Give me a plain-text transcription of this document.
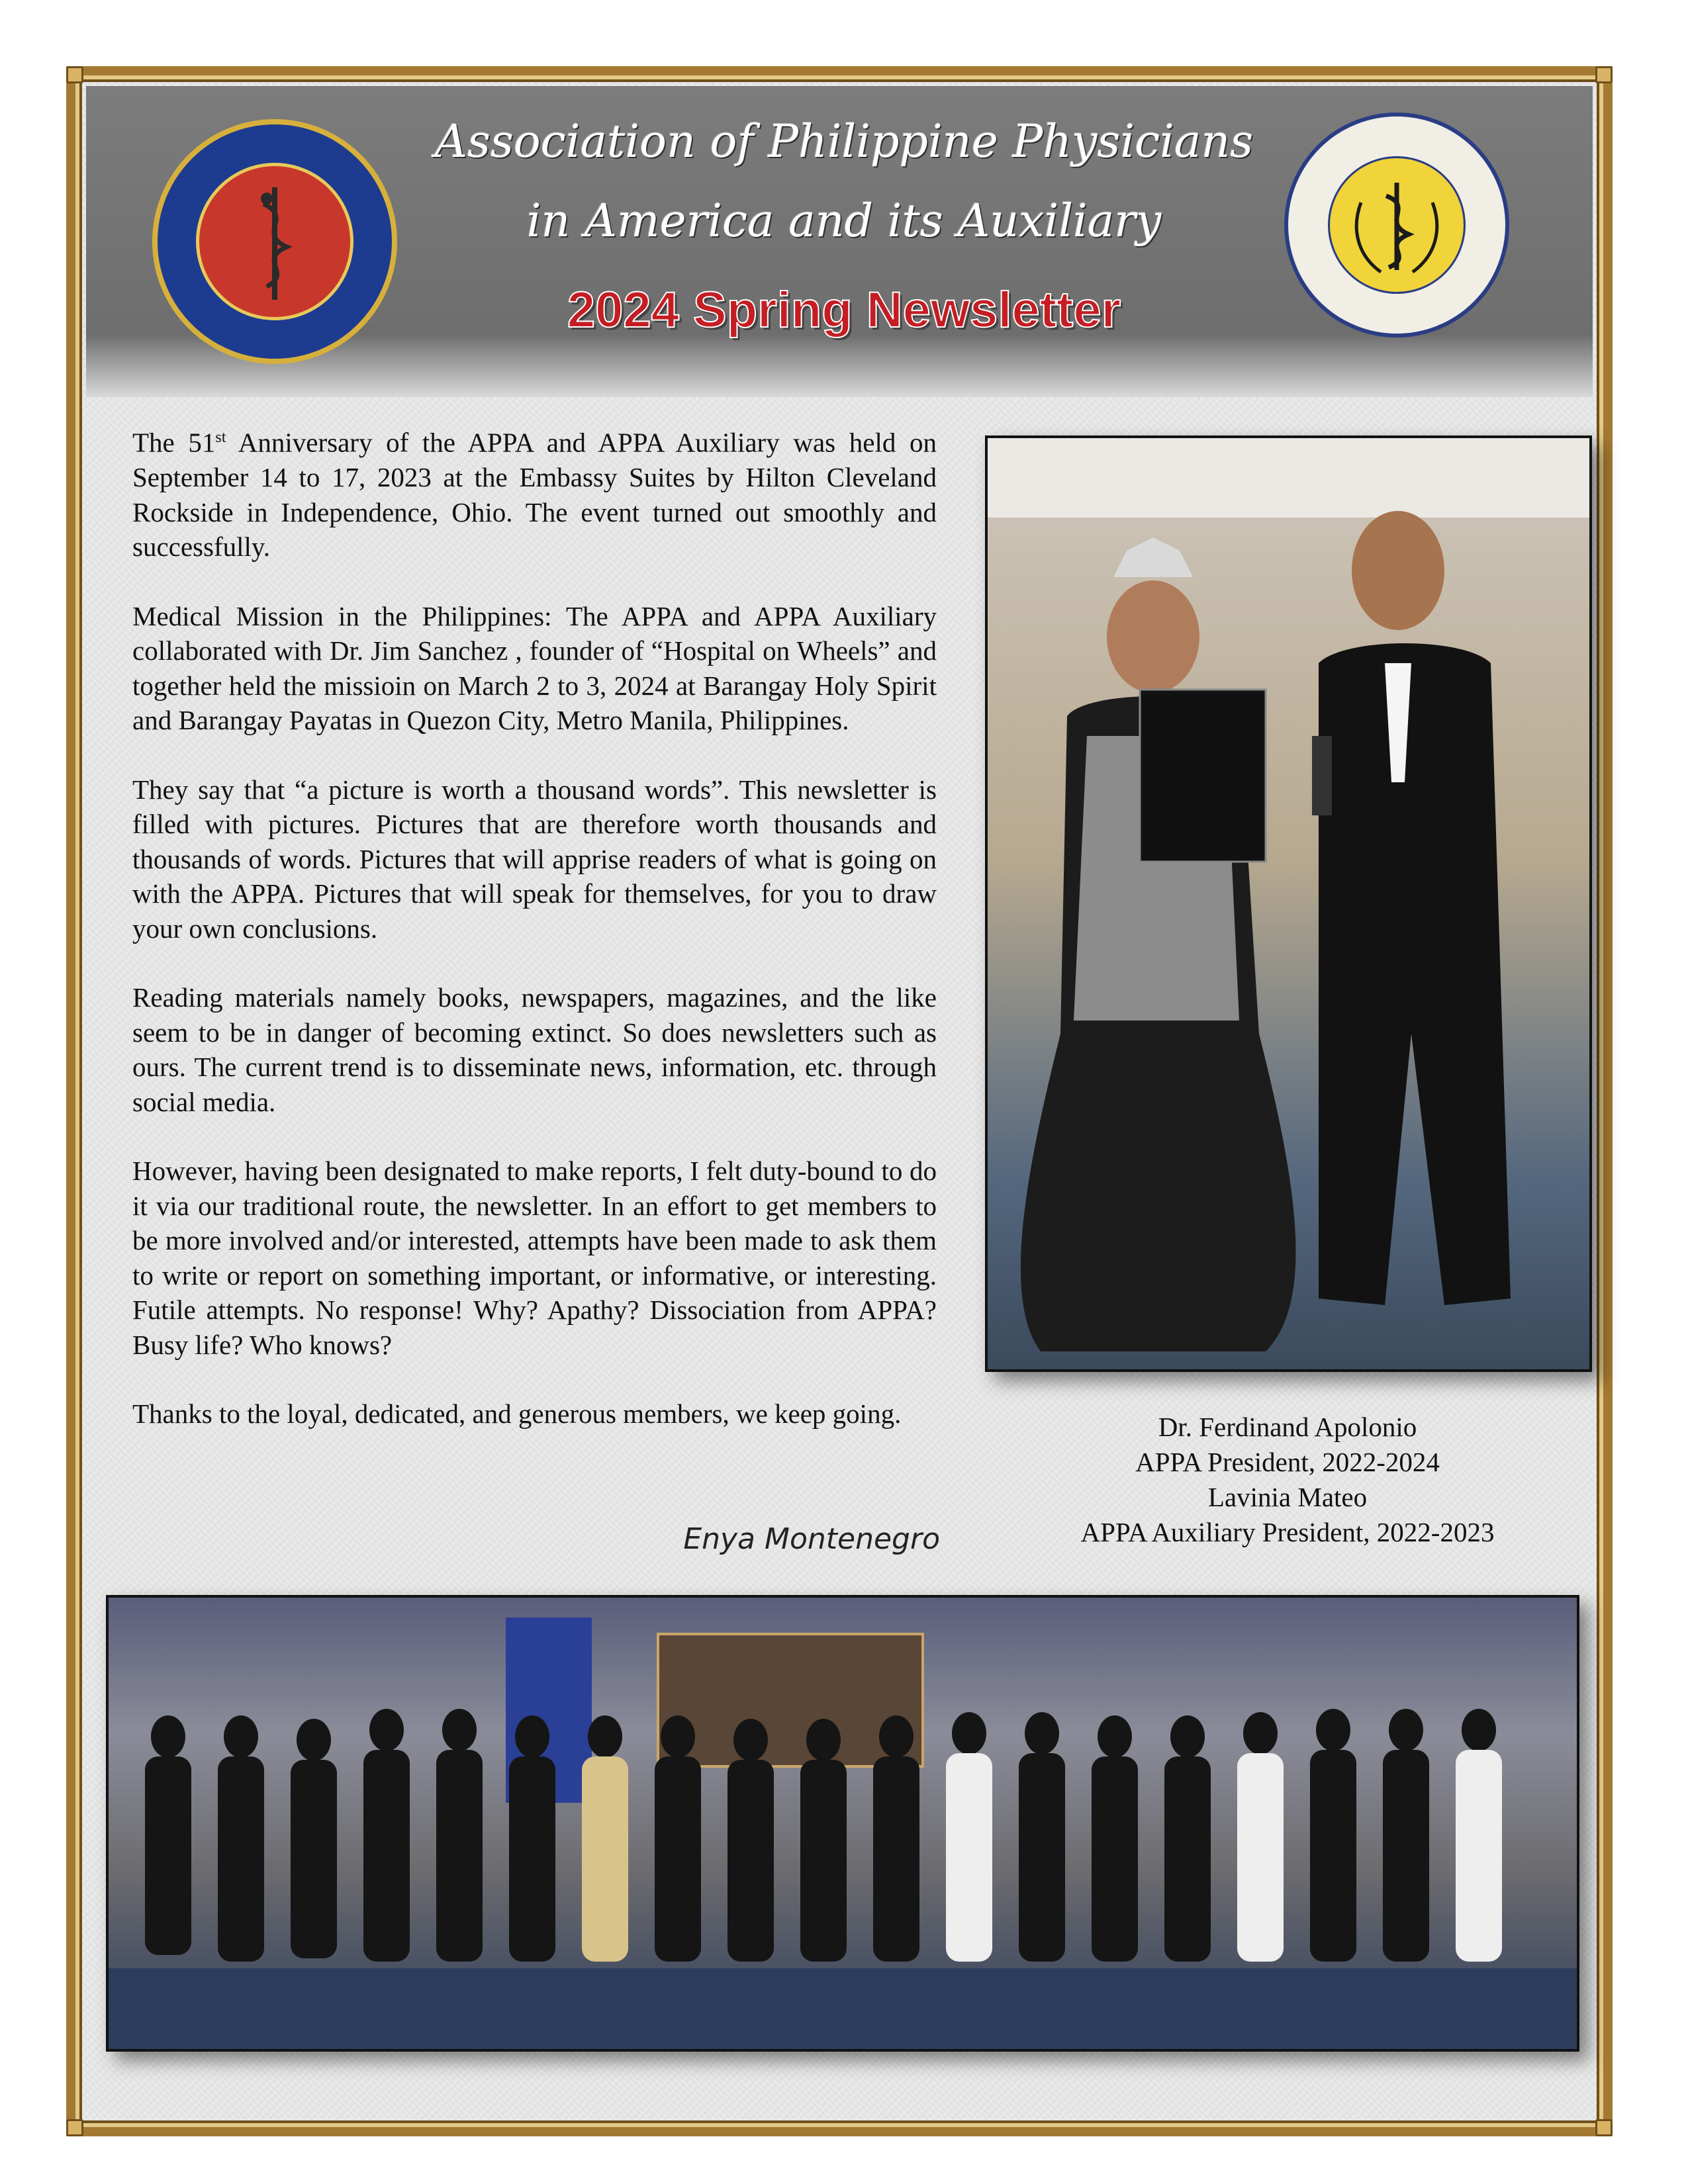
Association of Philippine Physicians
in America and its Auxiliary
2024 Spring Newsletter

The 51st Anniversary of the APPA and APPA Auxiliary was held on September 14 to 17, 2023 at the Embassy Suites by Hilton Cleveland Rockside in Independence, Ohio. The event turned out smoothly and successfully.

Medical Mission in the Philippines: The APPA and APPA Auxiliary collaborated with Dr. Jim Sanchez , founder of “Hospital on Wheels” and together held the missioin on March 2 to 3, 2024 at Barangay Holy Spirit and Barangay Payatas in Quezon City, Metro Manila, Philippines.

They say that “a picture is worth a thousand words”. This newsletter is filled with pictures. Pictures that are therefore worth thousands and thousands of words. Pictures that will apprise readers of what is going on with the APPA. Pictures that will speak for themselves, for you to draw your own conclusions.

Reading materials namely books, newspapers, magazines, and the like seem to be in danger of becoming extinct. So does newsletters such as ours. The current trend is to disseminate news, information, etc. through social media.

However, having been designated to make reports, I felt duty-bound to do it via our traditional route, the newsletter. In an effort to get members to be more involved and/or interested, attempts have been made to ask them to write or report on something important, or informative, or interesting. Futile attempts. No response! Why? Apathy? Dissociation from APPA? Busy life? Who knows?

Thanks to the loyal, dedicated, and generous members, we keep going.

Enya Montenegro
Dr. Ferdinand Apolonio
APPA President, 2022-2024
Lavinia Mateo
APPA Auxiliary President, 2022-2023
